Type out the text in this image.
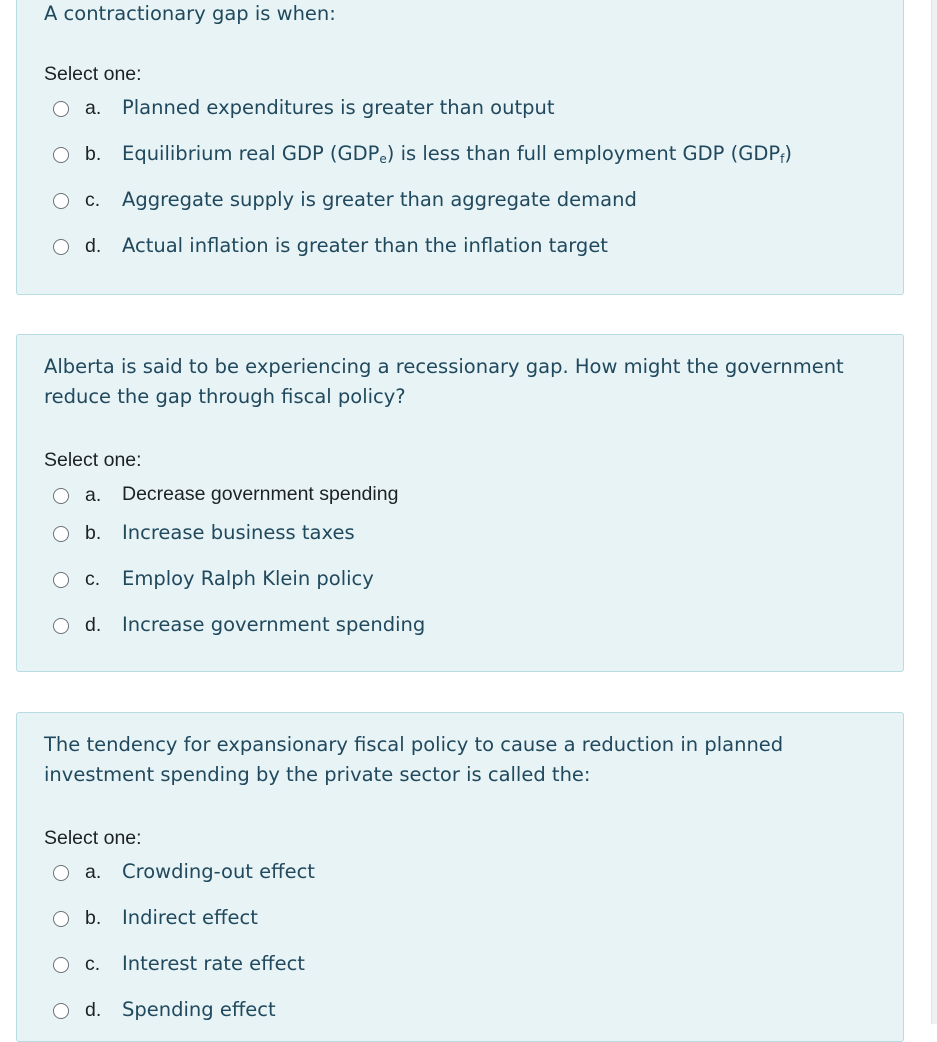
A contractionary gap is when:
Select one:
a. Planned expenditures is greater than output
b. Equilibrium real GDP $(GDP_e)$ is less than full employment GDP $(GDP_f)$
c. Aggregate supply is greater than aggregate demand
d. Actual inflation is greater than the inflation target
Alberta is said to be experiencing a recessionary gap. How might the government
reduce the gap through fiscal policy?
Select one:
a. Decrease government spending
b. Increase business taxes
c. Employ Ralph Klein policy
d. Increase government spending
The tendency for expansionary fiscal policy to cause a reduction in planned
investment spending by the private sector is called the:
Select one:
a. Crowding-out effect
b. Indirect effect
c. Interest rate effect
d. Spending effect
